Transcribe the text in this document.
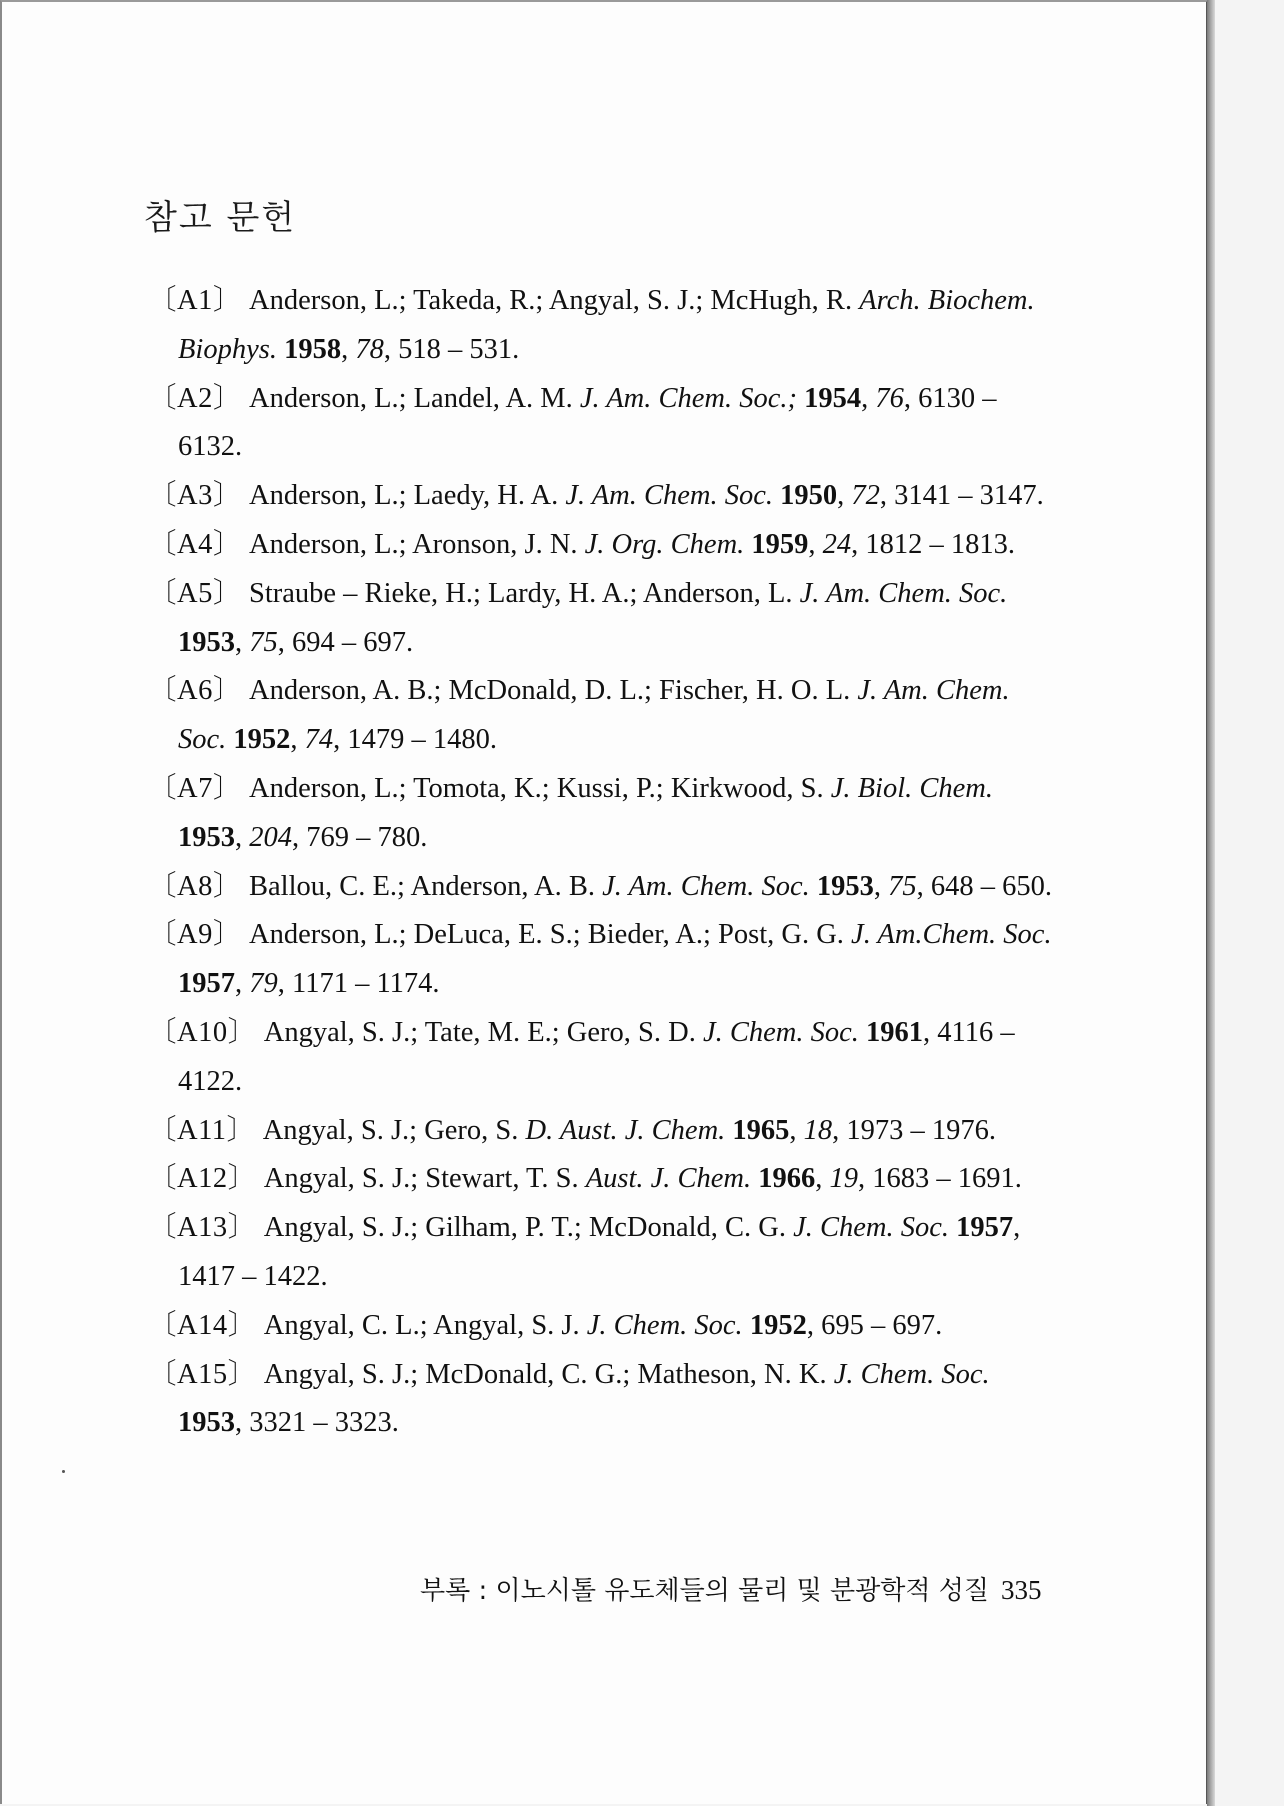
참고 문헌

〔 A1 〕 Anderson, L.; Takeda, R.; Angyal, S. J.; McHugh, R. Arch. Biochem. Biophys. 1958, 78, 518 – 531.

〔 A2 〕 Anderson, L.; Landel, A. M. J. Am. Chem. Soc.; 1954, 76, 6130 – 6132.

〔 A3 〕 Anderson, L.; Laedy, H. A. J. Am. Chem. Soc. 1950, 72, 3141 – 3147.

〔 A4 〕 Anderson, L.; Aronson, J. N. J. Org. Chem. 1959, 24, 1812 – 1813.

〔 A5 〕 Straube – Rieke, H.; Lardy, H. A.; Anderson, L. J. Am. Chem. Soc. 1953, 75, 694 – 697.

〔 A6 〕 Anderson, A. B.; McDonald, D. L.; Fischer, H. O. L. J. Am. Chem. Soc. 1952, 74, 1479 – 1480.

〔 A7 〕 Anderson, L.; Tomota, K.; Kussi, P.; Kirkwood, S. J. Biol. Chem. 1953, 204, 769 – 780.

〔 A8 〕 Ballou, C. E.; Anderson, A. B. J. Am. Chem. Soc. 1953, 75, 648 – 650.

〔 A9 〕 Anderson, L.; DeLuca, E. S.; Bieder, A.; Post, G. G. J. Am.Chem. Soc. 1957, 79, 1171 – 1174.

〔 A10 〕 Angyal, S. J.; Tate, M. E.; Gero, S. D. J. Chem. Soc. 1961, 4116 – 4122.

〔 A11 〕 Angyal, S. J.; Gero, S. D. Aust. J. Chem. 1965, 18, 1973 – 1976.

〔 A12 〕 Angyal, S. J.; Stewart, T. S. Aust. J. Chem. 1966, 19, 1683 – 1691.

〔 A13 〕 Angyal, S. J.; Gilham, P. T.; McDonald, C. G. J. Chem. Soc. 1957, 1417 – 1422.

〔 A14 〕 Angyal, C. L.; Angyal, S. J. J. Chem. Soc. 1952, 695 – 697.

〔 A15 〕 Angyal, S. J.; McDonald, C. G.; Matheson, N. K. J. Chem. Soc. 1953, 3321 – 3323.

부록 : 이노시톨 유도체들의 물리 및 분광학적 성질 335
